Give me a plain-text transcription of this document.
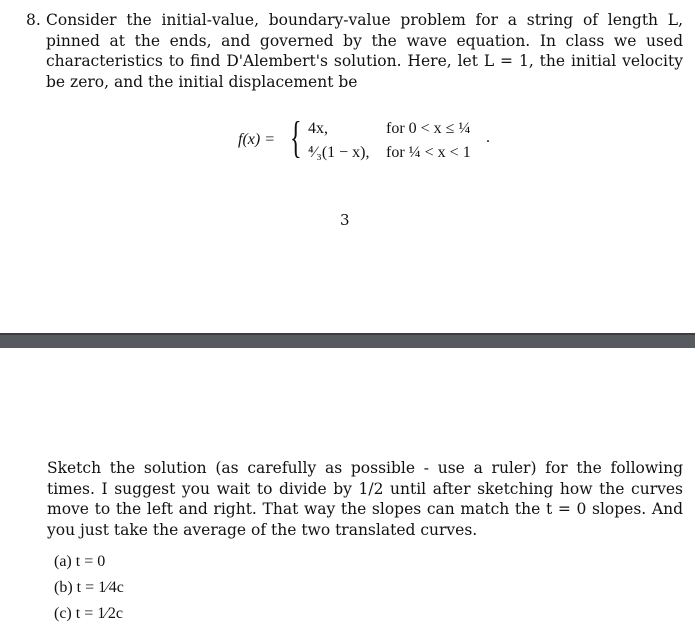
8. Consider the initial-value, boundary-value problem for a string of length L, pinned at the ends, and governed by the wave equation. In class we used characteristics to find D'Alembert's solution. Here, let L = 1, the initial velocity be zero, and the initial displacement be
f(x) = { 4x,	for 0 < x ≤ ¼
⁴⁄₃(1 − x), for ¼ < x < 1
.
3
Sketch the solution (as carefully as possible - use a ruler) for the following times. I suggest you wait to divide by 1/2 until after sketching how the curves move to the left and right. That way the slopes can match the t = 0 slopes. And you just take the average of the two translated curves.
(a) t = 0
(b) t = 1⁄4c
(c) t = 1⁄2c
